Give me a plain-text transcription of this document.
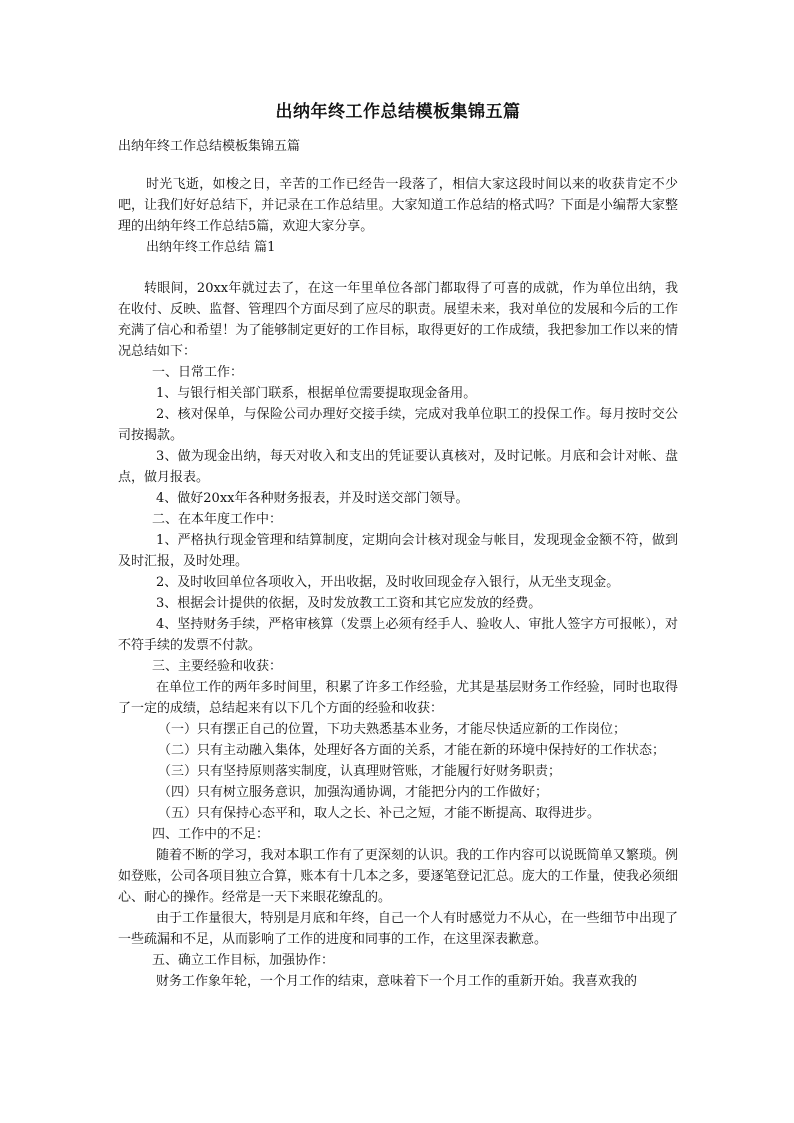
出纳年终工作总结模板集锦五篇
出纳年终工作总结模板集锦五篇

时光飞逝，如梭之日，辛苦的工作已经告一段落了，相信大家这段时间以来的收获肯定不少吧，让我们好好总结下，并记录在工作总结里。大家知道工作总结的格式吗？下面是小编帮大家整理的出纳年终工作总结5篇，欢迎大家分享。

出纳年终工作总结 篇1

转眼间，20xx年就过去了，在这一年里单位各部门都取得了可喜的成就，作为单位出纳，我在收付、反映、监督、管理四个方面尽到了应尽的职责。展望未来，我对单位的发展和今后的工作充满了信心和希望！为了能够制定更好的工作目标，取得更好的工作成绩，我把参加工作以来的情况总结如下：

一、日常工作：

1、与银行相关部门联系，根据单位需要提取现金备用。

2、核对保单，与保险公司办理好交接手续，完成对我单位职工的投保工作。每月按时交公司按揭款。

3、做为现金出纳，每天对收入和支出的凭证要认真核对，及时记帐。月底和会计对帐、盘点，做月报表。

4、做好20xx年各种财务报表，并及时送交部门领导。

二、在本年度工作中：

1、严格执行现金管理和结算制度，定期向会计核对现金与帐目，发现现金金额不符，做到及时汇报，及时处理。

2、及时收回单位各项收入，开出收据，及时收回现金存入银行，从无坐支现金。

3、根据会计提供的依据，及时发放教工工资和其它应发放的经费。

4、坚持财务手续，严格审核算（发票上必须有经手人、验收人、审批人签字方可报帐），对不符手续的发票不付款。

三、主要经验和收获：

在单位工作的两年多时间里，积累了许多工作经验，尤其是基层财务工作经验，同时也取得了一定的成绩，总结起来有以下几个方面的经验和收获：

（一）只有摆正自己的位置，下功夫熟悉基本业务，才能尽快适应新的工作岗位；

（二）只有主动融入集体，处理好各方面的关系，才能在新的环境中保持好的工作状态；

（三）只有坚持原则落实制度，认真理财管账，才能履行好财务职责；

（四）只有树立服务意识，加强沟通协调，才能把分内的工作做好；

（五）只有保持心态平和，取人之长、补己之短，才能不断提高、取得进步。

四、工作中的不足：

随着不断的学习，我对本职工作有了更深刻的认识。我的工作内容可以说既简单又繁琐。例如登账，公司各项目独立合算，账本有十几本之多，要逐笔登记汇总。庞大的工作量，使我必须细心、耐心的操作。经常是一天下来眼花缭乱的。

由于工作量很大，特别是月底和年终，自己一个人有时感觉力不从心，在一些细节中出现了一些疏漏和不足，从而影响了工作的进度和同事的工作，在这里深表歉意。

五、确立工作目标，加强协作：

财务工作象年轮，一个月工作的结束，意味着下一个月工作的重新开始。我喜欢我的
